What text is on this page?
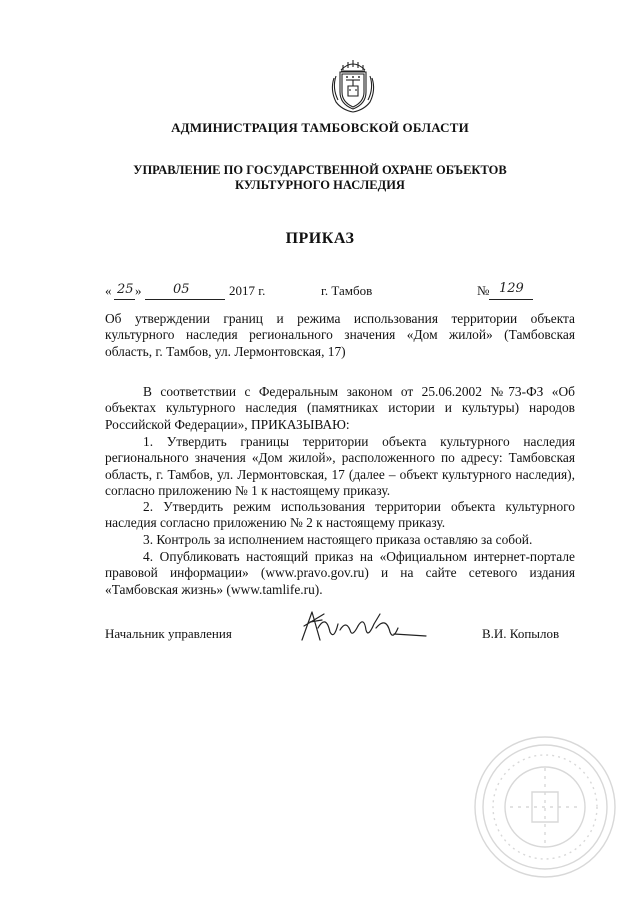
АДМИНИСТРАЦИЯ ТАМБОВСКОЙ ОБЛАСТИ
УПРАВЛЕНИЕ ПО ГОСУДАРСТВЕННОЙ ОХРАНЕ ОБЪЕКТОВ
КУЛЬТУРНОГО НАСЛЕДИЯ
ПРИКАЗ
« 25 » 05	2017 г.	г. Тамбов	№ 129
Об утверждении границ и режима использования территории объекта культурного наследия регионального значения «Дом жилой» (Тамбовская область, г. Тамбов, ул. Лермонтовская, 17)
В соответствии с Федеральным законом от 25.06.2002 №73-ФЗ «Об объектах культурного наследия (памятниках истории и культуры) народов Российской Федерации», ПРИКАЗЫВАЮ:
1. Утвердить границы территории объекта культурного наследия регионального значения «Дом жилой», расположенного по адресу: Тамбовская область, г. Тамбов, ул. Лермонтовская, 17 (далее – объект культурного наследия), согласно приложению № 1 к настоящему приказу.
2. Утвердить режим использования территории объекта культурного наследия согласно приложению № 2 к настоящему приказу.
3. Контроль за исполнением настоящего приказа оставляю за собой.
4. Опубликовать настоящий приказ на «Официальном интернет-портале правовой информации» (www.pravo.gov.ru) и на сайте сетевого издания «Тамбовская жизнь» (www.tamlife.ru).
Начальник управления	В.И. Копылов
